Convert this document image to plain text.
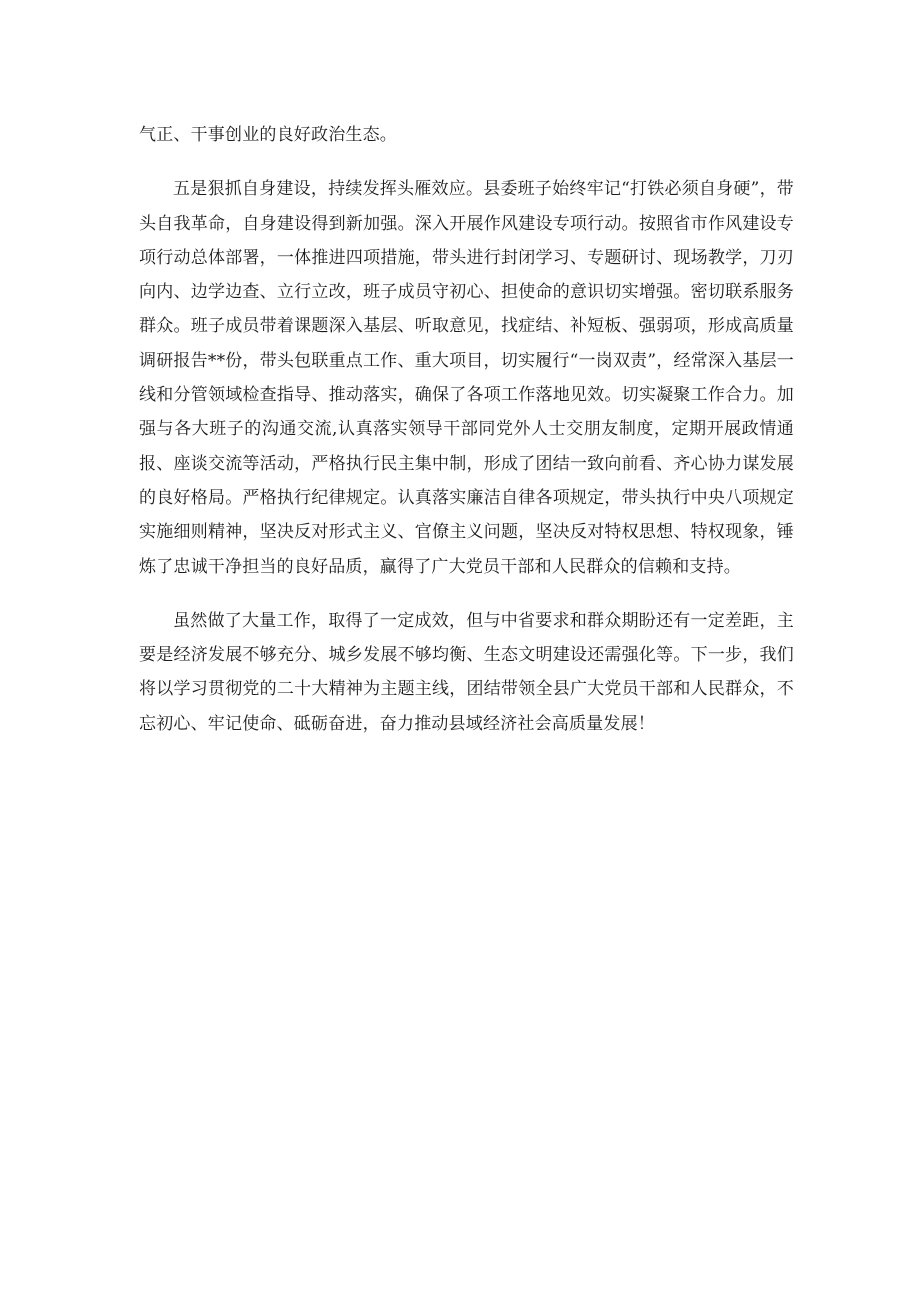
气正、干事创业的良好政治生态。

五是狠抓自身建设，持续发挥头雁效应。县委班子始终牢记“打铁必须自身硬”，带头自我革命，自身建设得到新加强。深入开展作风建设专项行动。按照省市作风建设专项行动总体部署，一体推进四项措施，带头进行封闭学习、专题研讨、现场教学，刀刃向内、边学边查、立行立改，班子成员守初心、担使命的意识切实增强。密切联系服务群众。班子成员带着课题深入基层、听取意见，找症结、补短板、强弱项，形成高质量调研报告**份，带头包联重点工作、重大项目，切实履行“一岗双责”，经常深入基层一线和分管领域检查指导、推动落实，确保了各项工作落地见效。切实凝聚工作合力。加强与各大班子的沟通交流,认真落实领导干部同党外人士交朋友制度，定期开展政情通报、座谈交流等活动，严格执行民主集中制，形成了团结一致向前看、齐心协力谋发展的良好格局。严格执行纪律规定。认真落实廉洁自律各项规定，带头执行中央八项规定实施细则精神，坚决反对形式主义、官僚主义问题，坚决反对特权思想、特权现象，锤炼了忠诚干净担当的良好品质，赢得了广大党员干部和人民群众的信赖和支持。

虽然做了大量工作，取得了一定成效，但与中省要求和群众期盼还有一定差距，主要是经济发展不够充分、城乡发展不够均衡、生态文明建设还需强化等。下一步，我们将以学习贯彻党的二十大精神为主题主线，团结带领全县广大党员干部和人民群众，不忘初心、牢记使命、砥砺奋进，奋力推动县域经济社会高质量发展！
